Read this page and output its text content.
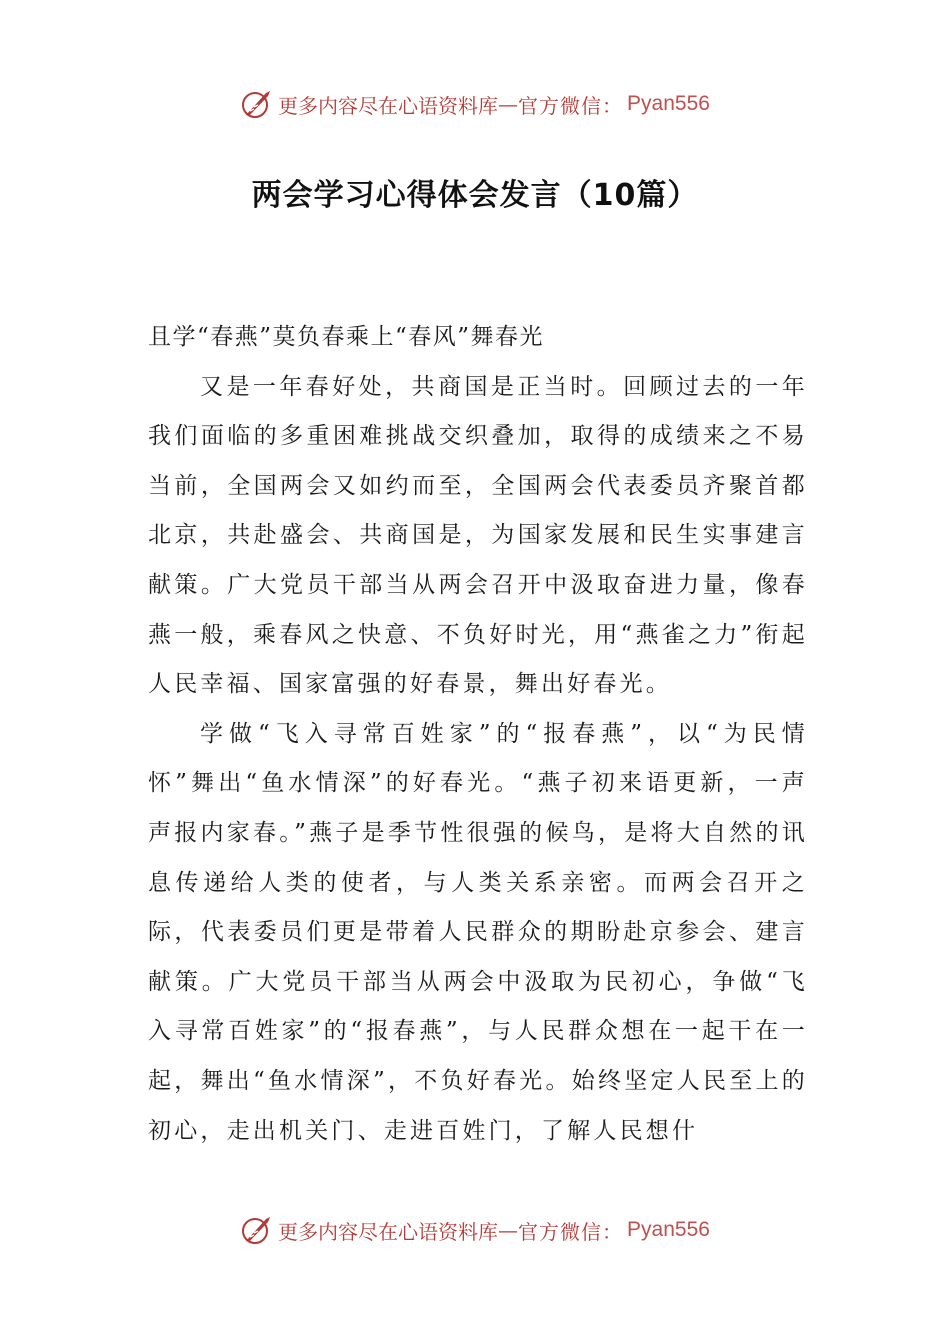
更多内容尽在心语资料库 — 官方微信： Pyan556
两会学习心得体会发言（10篇）

且学“春燕”莫负春乘上“春风”舞春光

又是一年春好处，共商国是正当时。回顾过去的一年我们面临的多重困难挑战交织叠加，取得的成绩来之不易当前，全国两会又如约而至，全国两会代表委员齐聚首都北京，共赴盛会、共商国是，为国家发展和民生实事建言献策。广大党员干部当从两会召开中汲取奋进力量，像春燕一般，乘春风之快意、不负好时光，用“燕雀之力”衔起人民幸福、国家富强的好春景，舞出好春光。

学做“飞入寻常百姓家”的“报春燕”，以“为民情怀”舞出“鱼水情深”的好春光。“燕子初来语更新，一声声报内家春。”燕子是季节性很强的候鸟，是将大自然的讯息传递给人类的使者，与人类关系亲密。而两会召开之际，代表委员们更是带着人民群众的期盼赴京参会、建言献策。广大党员干部当从两会中汲取为民初心，争做“飞入寻常百姓家”的“报春燕”，与人民群众想在一起干在一起，舞出“鱼水情深”，不负好春光。始终坚定人民至上的初心，走出机关门、走进百姓门，了解人民想什

更多内容尽在心语资料库 — 官方微信： Pyan556
